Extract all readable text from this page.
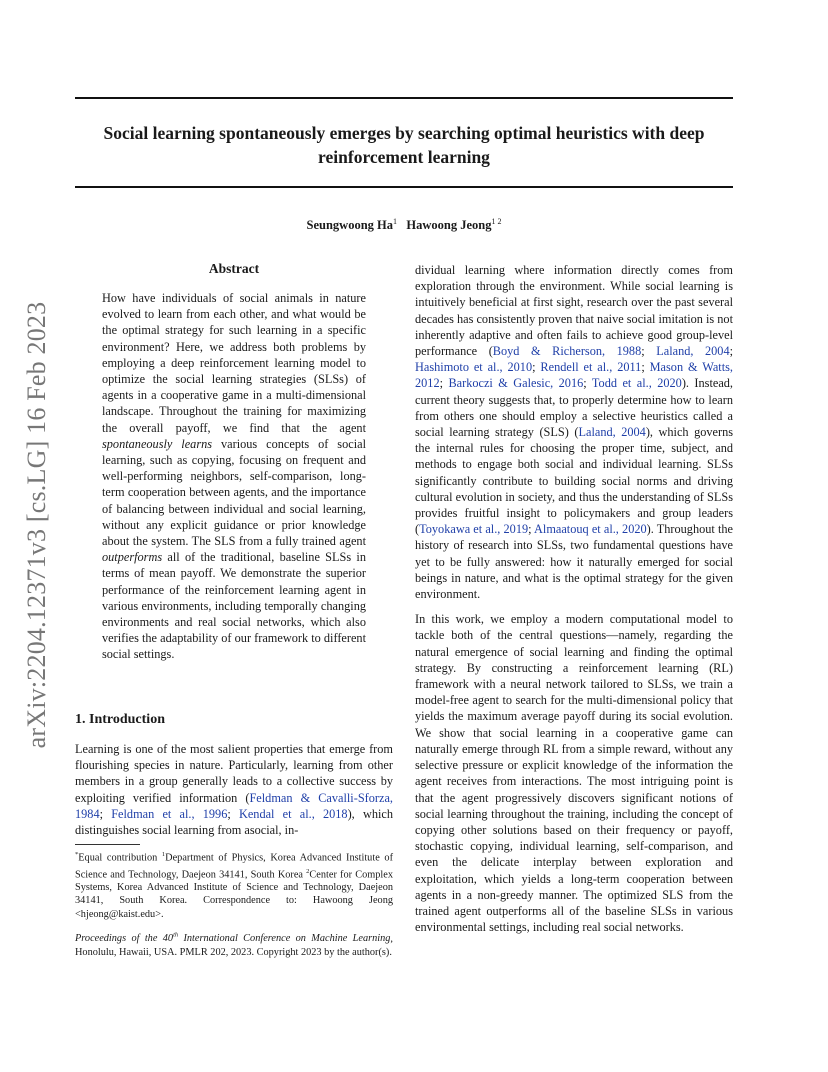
Social learning spontaneously emerges by searching optimal heuristics with deep reinforcement learning
Seungwoong Ha$^1$ Hawoong Jeong$^{1 2}$
arXiv:2204.12371v3 [cs.LG] 16 Feb 2023
Abstract
How have individuals of social animals in nature evolved to learn from each other, and what would be the optimal strategy for such learning in a specific environment? Here, we address both problems by employing a deep reinforcement learning model to optimize the social learning strategies (SLSs) of agents in a cooperative game in a multi-dimensional landscape. Throughout the training for maximizing the overall payoff, we find that the agent spontaneously learns various concepts of social learning, such as copying, focusing on frequent and well-performing neighbors, self-comparison, long-term cooperation between agents, and the importance of balancing between individual and social learning, without any explicit guidance or prior knowledge about the system. The SLS from a fully trained agent outperforms all of the traditional, baseline SLSs in terms of mean payoff. We demonstrate the superior performance of the reinforcement learning agent in various environments, including temporally changing environments and real social networks, which also verifies the adaptability of our framework to different social settings.
1. Introduction

Learning is one of the most salient properties that emerge from flourishing species in nature. Particularly, learning from other members in a group generally leads to a collective success by exploiting verified information (Feldman & Cavalli-Sforza, 1984; Feldman et al., 1996; Kendal et al., 2018), which distinguishes social learning from asocial, in-

*Equal contribution $^1$Department of Physics, Korea Advanced Institute of Science and Technology, Daejeon 34141, South Korea $^2$Center for Complex Systems, Korea Advanced Institute of Science and Technology, Daejeon 34141, South Korea. Correspondence to: Hawoong Jeong <hjeong@kaist.edu>.
Proceedings of the 40th International Conference on Machine Learning, Honolulu, Hawaii, USA. PMLR 202, 2023. Copyright 2023 by the author(s).

dividual learning where information directly comes from exploration through the environment. While social learning is intuitively beneficial at first sight, research over the past several decades has consistently proven that naive social imitation is not inherently adaptive and often fails to achieve good group-level performance (Boyd & Richerson, 1988; Laland, 2004; Hashimoto et al., 2010; Rendell et al., 2011; Mason & Watts, 2012; Barkoczi & Galesic, 2016; Todd et al., 2020). Instead, current theory suggests that, to properly determine how to learn from others one should employ a selective heuristics called a social learning strategy (SLS) (Laland, 2004), which governs the internal rules for choosing the proper time, subject, and methods to engage both social and individual learning. SLSs significantly contribute to building social norms and driving cultural evolution in society, and thus the understanding of SLSs provides fruitful insight to policymakers and group leaders (Toyokawa et al., 2019; Almaatouq et al., 2020). Throughout the history of research into SLSs, two fundamental questions have yet to be fully answered: how it naturally emerged for social beings in nature, and what is the optimal strategy for the given environment.

In this work, we employ a modern computational model to tackle both of the central questions—namely, regarding the natural emergence of social learning and finding the optimal strategy. By constructing a reinforcement learning (RL) framework with a neural network tailored to SLSs, we train a model-free agent to search for the multi-dimensional policy that yields the maximum average payoff during its social evolution. We show that social learning in a cooperative game can naturally emerge through RL from a simple reward, without any selective pressure or explicit knowledge of the information the agent receives from interactions. The most intriguing point is that the agent progressively discovers significant notions of social learning throughout the training, including the concept of copying other solutions based on their frequency or payoff, stochastic copying, individual learning, self-comparison, and even the delicate interplay between exploration and exploitation, which yields a long-term cooperation between agents in a non-greedy manner. The optimized SLS from the trained agent outperforms all of the baseline SLSs in various environmental settings, including real social networks.
